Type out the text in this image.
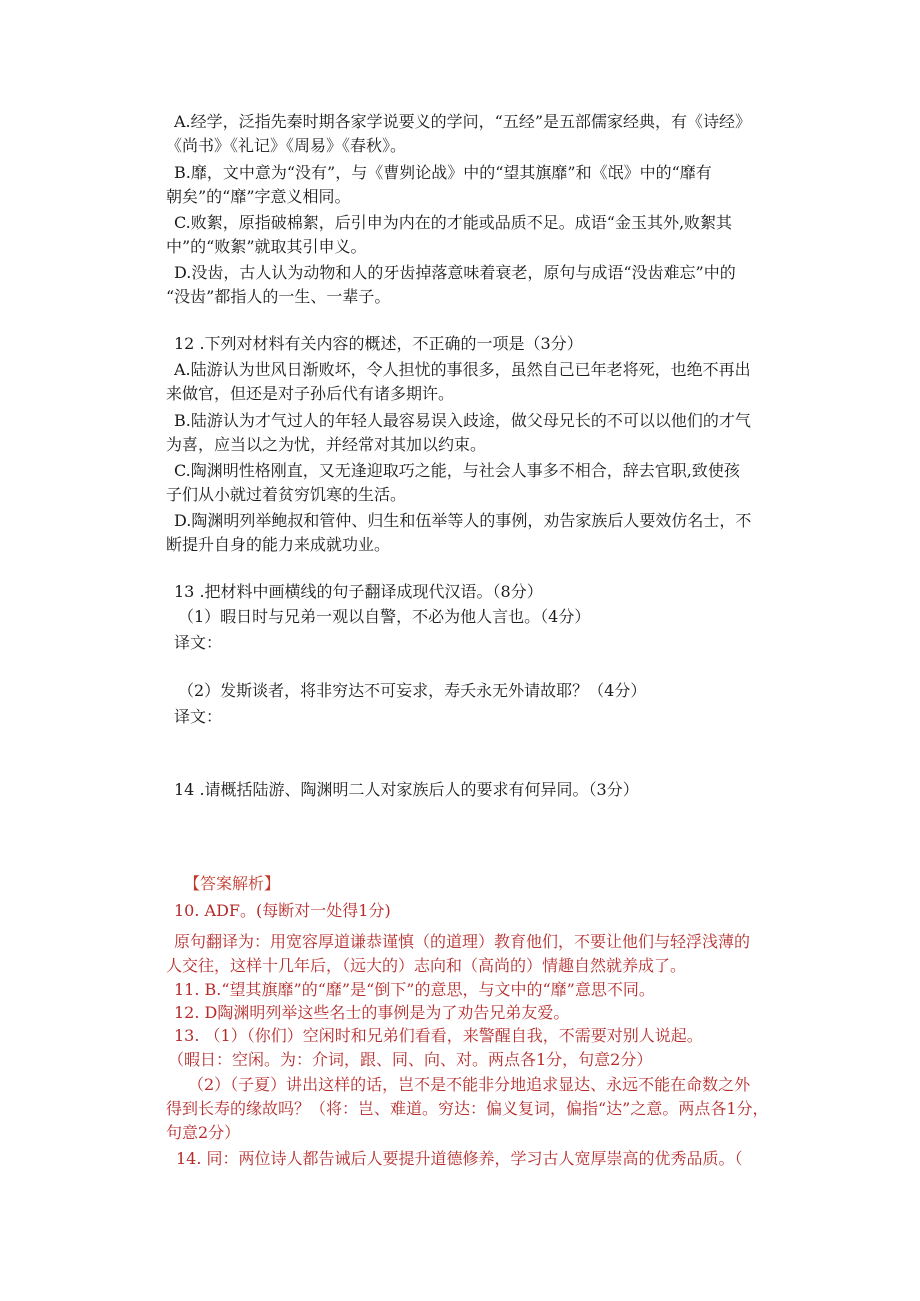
A.经学，泛指先秦时期各家学说要义的学问，“五经”是五部儒家经典，有《诗经》
《尚书》《礼记》《周易》《春秋》。
B.靡，文中意为“没有”，与《曹刿论战》中的“望其旗靡”和《氓》中的“靡有
朝矣”的“靡”字意义相同。
C.败絮，原指破棉絮，后引申为内在的才能或品质不足。成语“金玉其外,败絮其
中”的“败絮”就取其引申义。
D.没齿，古人认为动物和人的牙齿掉落意味着衰老，原句与成语“没齿难忘”中的
“没齿”都指人的一生、一辈子。
12 .下列对材料有关内容的概述，不正确的一项是（3分）
A.陆游认为世风日渐败坏，令人担忧的事很多，虽然自己已年老将死，也绝不再出
来做官，但还是对子孙后代有诸多期许。
B.陆游认为才气过人的年轻人最容易误入歧途，做父母兄长的不可以以他们的才气
为喜，应当以之为忧，并经常对其加以约束。
C.陶渊明性格刚直，又无逢迎取巧之能，与社会人事多不相合，辞去官职,致使孩
子们从小就过着贫穷饥寒的生活。
D.陶渊明列举鲍叔和管仲、归生和伍举等人的事例，劝告家族后人要效仿名士，不
断提升自身的能力来成就功业。
13 .把材料中画横线的句子翻译成现代汉语。（8分）
（1）暇日时与兄弟一观以自警，不必为他人言也。（4分）
译文：
（2）发斯谈者，将非穷达不可妄求，寿夭永无外请故耶？（4分）
译文：
14 .请概括陆游、陶渊明二人对家族后人的要求有何异同。（3分）
【答案解析】
10. ADF。(每断对一处得1分)
原句翻译为：用宽容厚道谦恭谨慎（的道理）教育他们，不要让他们与轻浮浅薄的
人交往，这样十几年后，（远大的）志向和（高尚的）情趣自然就养成了。
11. B.“望其旗靡”的“靡”是“倒下”的意思，与文中的“靡”意思不同。
12. D陶渊明列举这些名士的事例是为了劝告兄弟友爱。
13. （1）（你们）空闲时和兄弟们看看，来警醒自我，不需要对别人说起。
（暇日：空闲。为：介词，跟、同、向、对。两点各1分，句意2分）
（2）（子夏）讲出这样的话，岂不是不能非分地追求显达、永远不能在命数之外
得到长寿的缘故吗？（将：岂、难道。穷达：偏义复词，偏指“达”之意。两点各1分，
句意2分）
14. 同：两位诗人都告诫后人要提升道德修养，学习古人宽厚崇高的优秀品质。（
